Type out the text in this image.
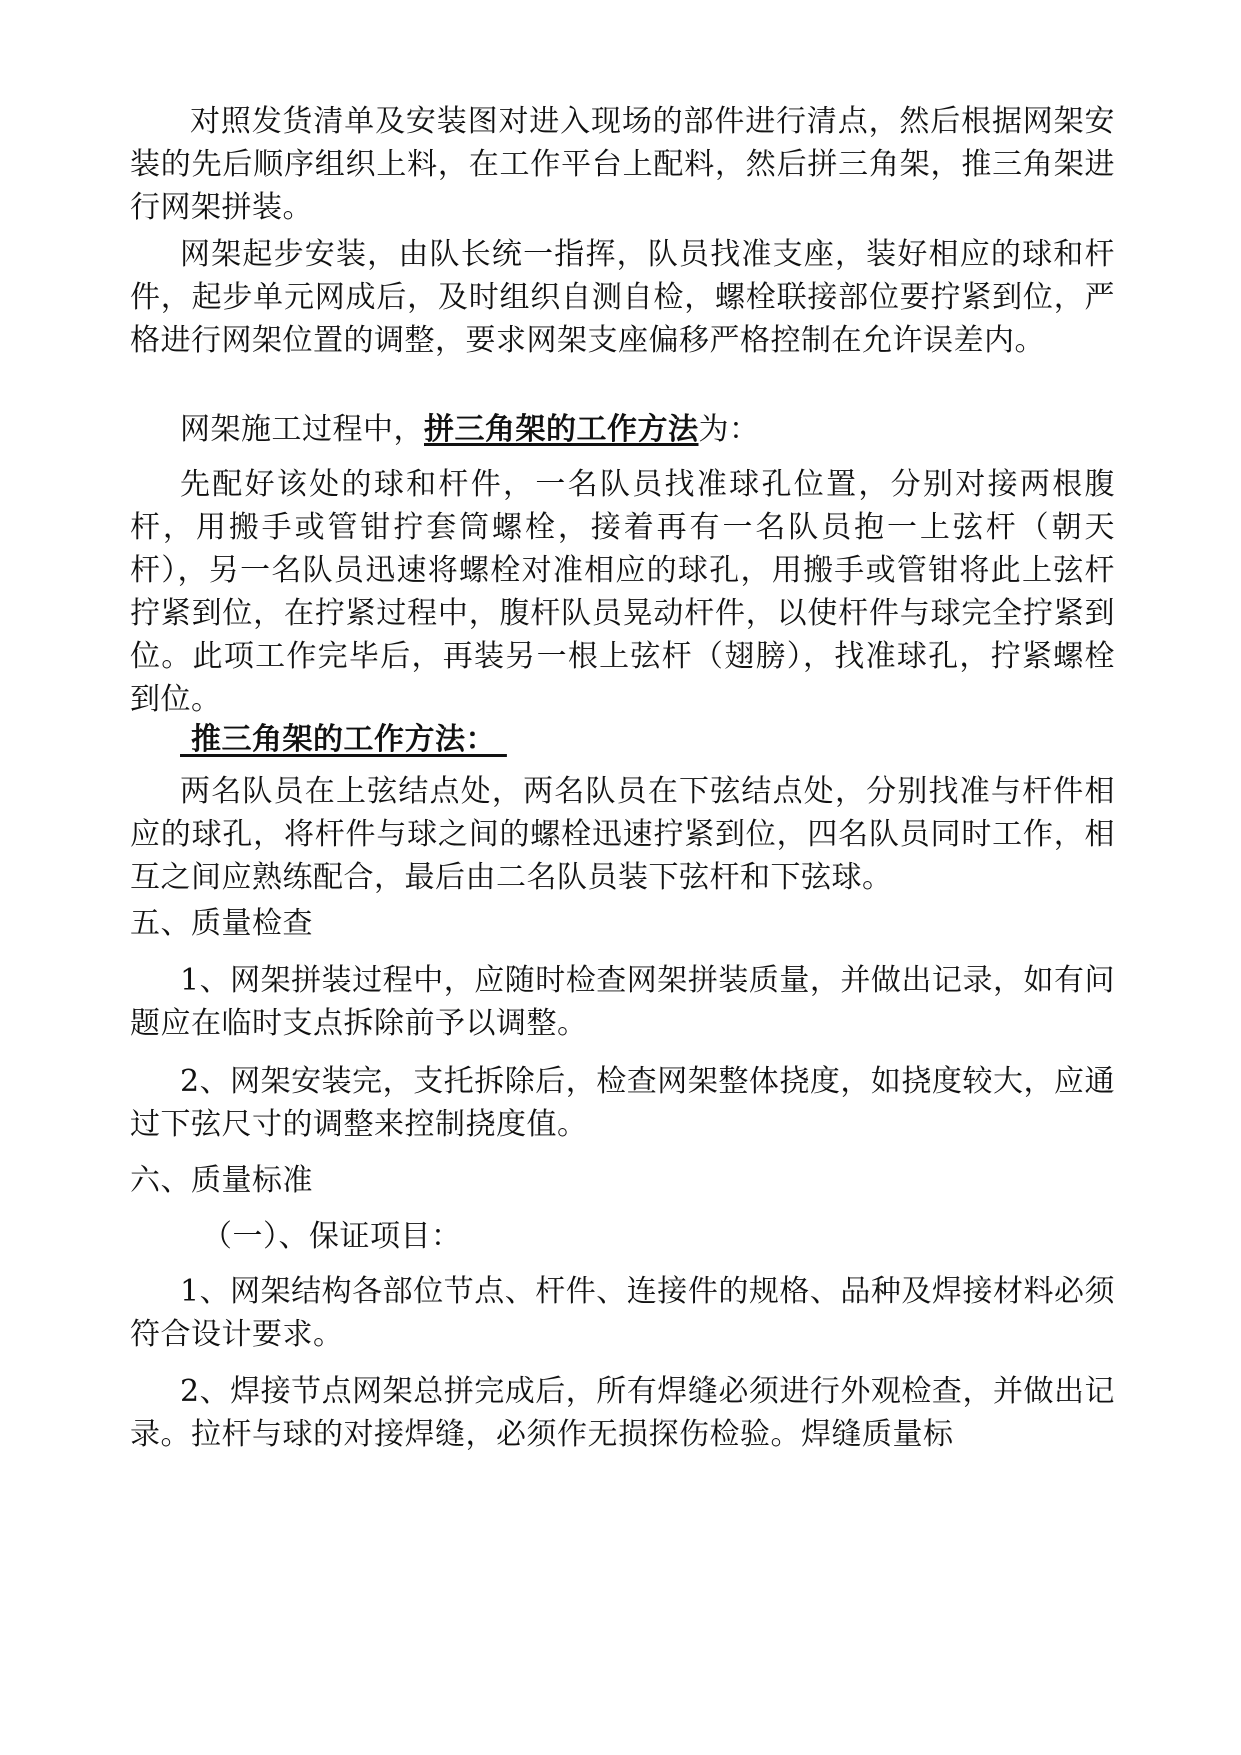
对照发货清单及安装图对进入现场的部件进行清点，然后根据网架安装的先后顺序组织上料，在工作平台上配料，然后拼三角架，推三角架进行网架拼装。

网架起步安装，由队长统一指挥，队员找准支座，装好相应的球和杆件，起步单元网成后，及时组织自测自检，螺栓联接部位要拧紧到位，严格进行网架位置的调整，要求网架支座偏移严格控制在允许误差内。

网架施工过程中，拼三角架的工作方法为：

先配好该处的球和杆件，一名队员找准球孔位置，分别对接两根腹杆，用搬手或管钳拧套筒螺栓，接着再有一名队员抱一上弦杆（朝天杆），另一名队员迅速将螺栓对准相应的球孔，用搬手或管钳将此上弦杆拧紧到位，在拧紧过程中，腹杆队员晃动杆件，以使杆件与球完全拧紧到位。此项工作完毕后，再装另一根上弦杆（翅膀），找准球孔，拧紧螺栓到位。

推三角架的工作方法：

两名队员在上弦结点处，两名队员在下弦结点处，分别找准与杆件相应的球孔，将杆件与球之间的螺栓迅速拧紧到位，四名队员同时工作，相互之间应熟练配合，最后由二名队员装下弦杆和下弦球。

五、质量检查

1、网架拼装过程中，应随时检查网架拼装质量，并做出记录，如有问题应在临时支点拆除前予以调整。

2、网架安装完，支托拆除后，检查网架整体挠度，如挠度较大，应通过下弦尺寸的调整来控制挠度值。

六、质量标准

（一）、保证项目：

1、网架结构各部位节点、杆件、连接件的规格、品种及焊接材料必须符合设计要求。

2、焊接节点网架总拼完成后，所有焊缝必须进行外观检查，并做出记录。拉杆与球的对接焊缝，必须作无损探伤检验。焊缝质量标
